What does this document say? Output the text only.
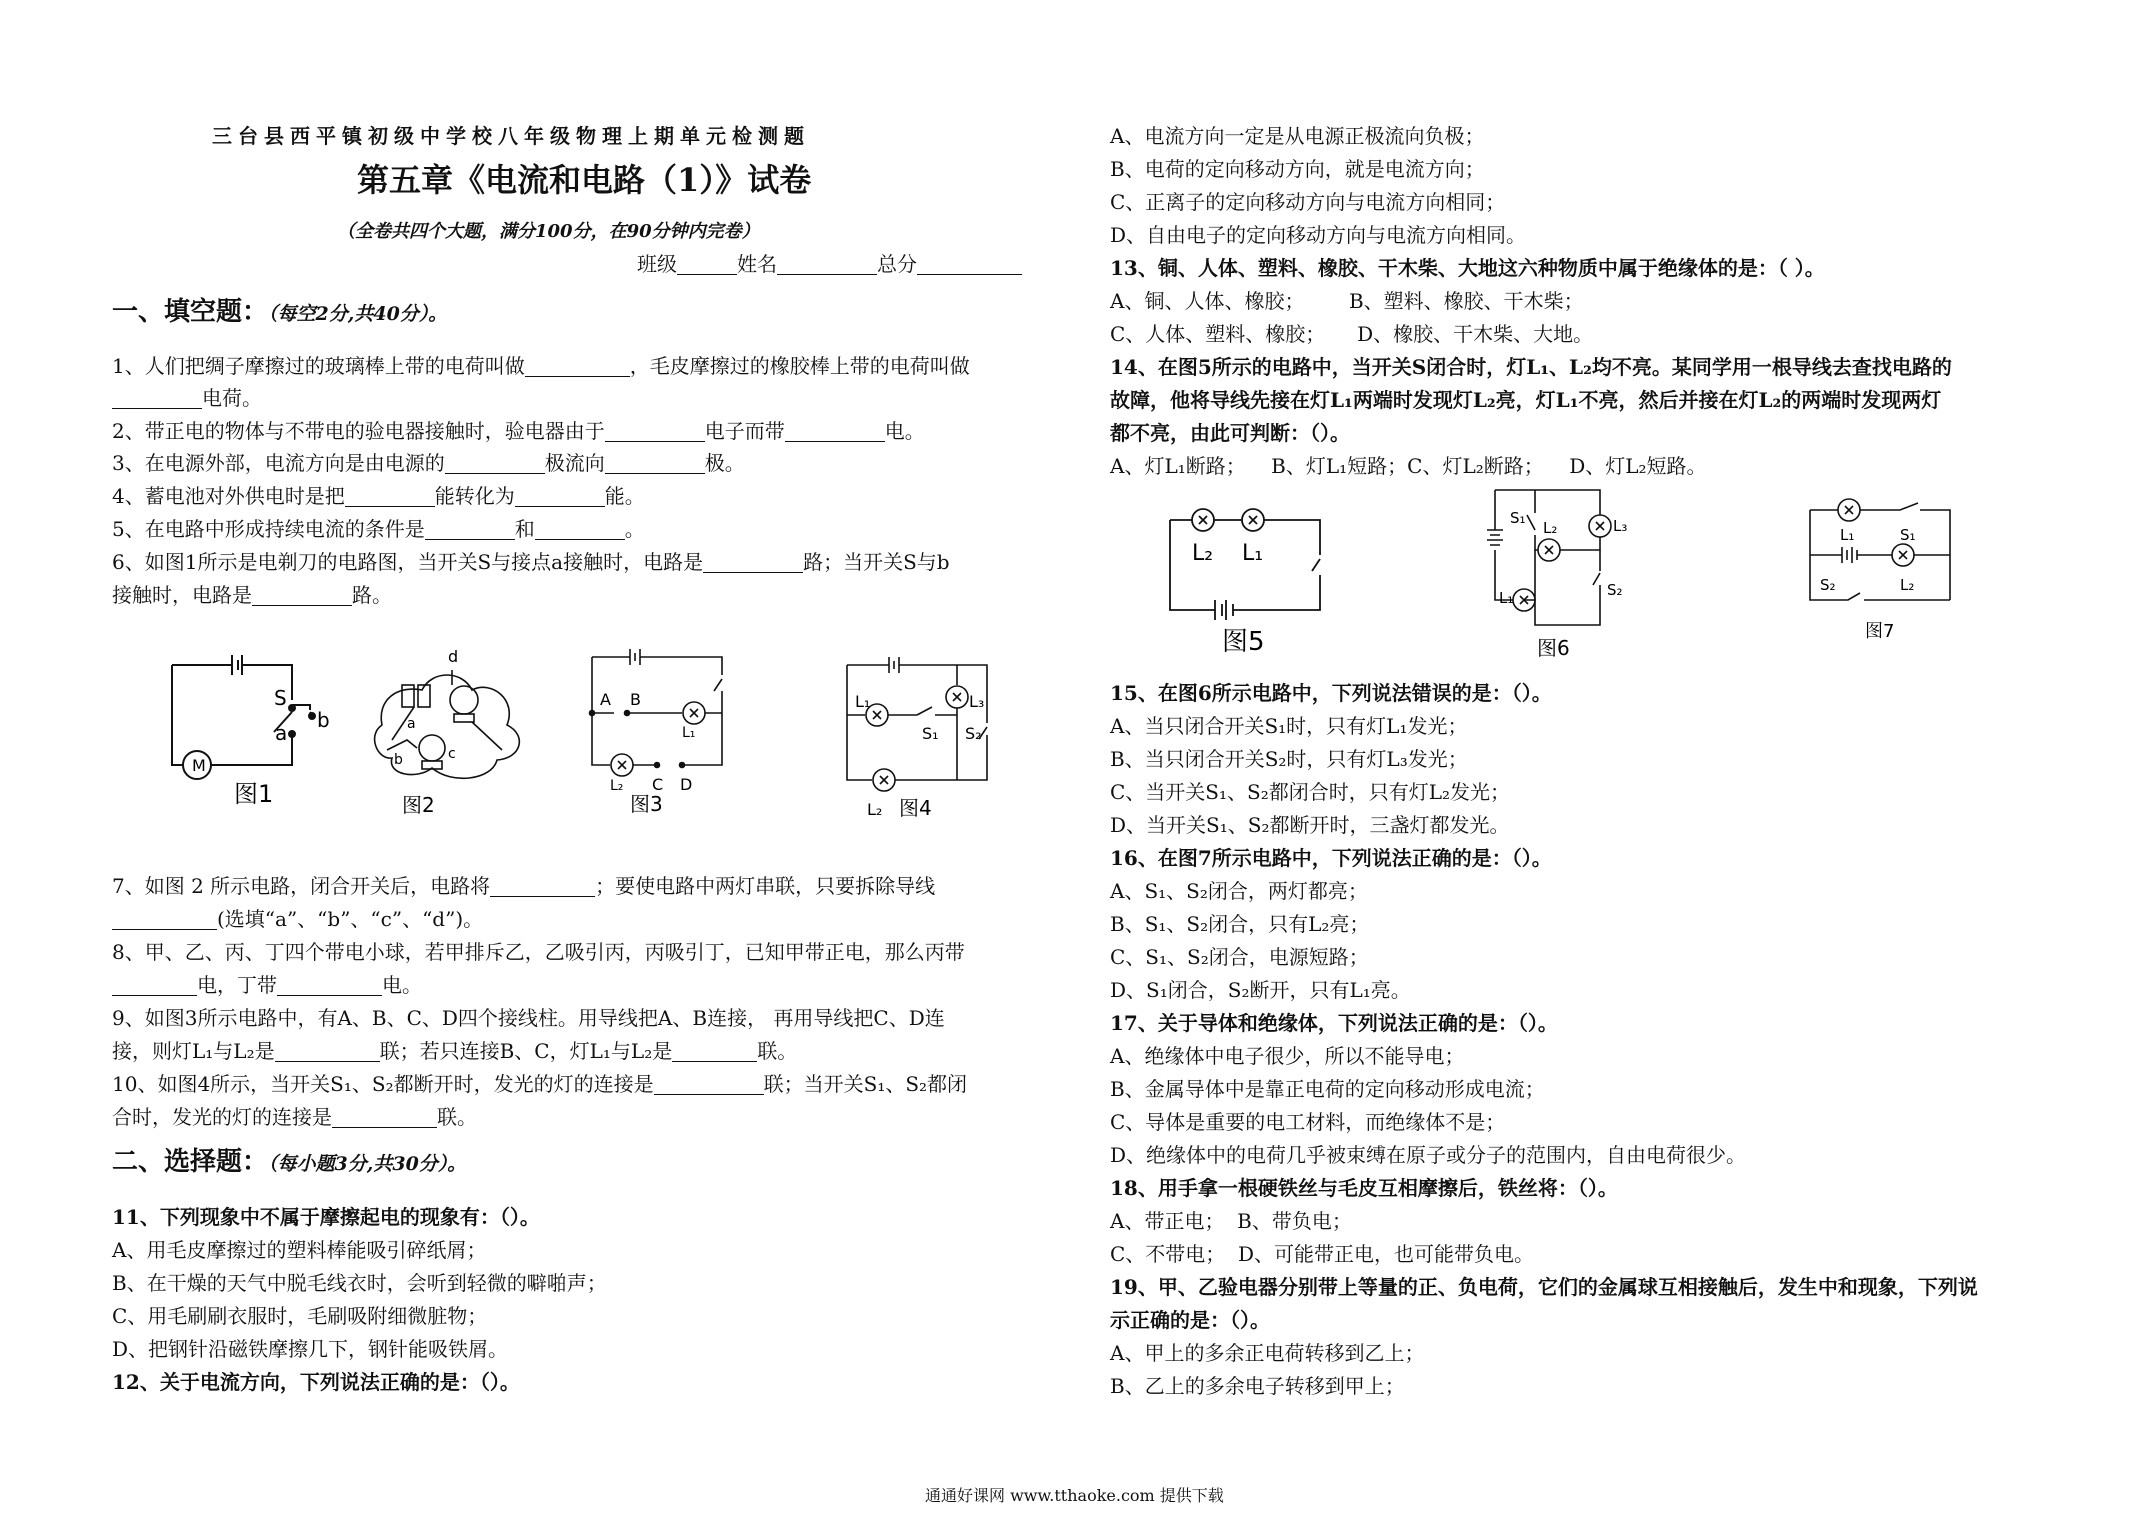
三台县西平镇初级中学校八年级物理上期单元检测题
第五章《电流和电路（1）》试卷
（全卷共四个大题，满分100分，在90分钟内完卷）
班级	姓名	总分
一、填空题：（每空2分,共40分）。
1、人们把绸子摩擦过的玻璃棒上带的电荷叫做	，毛皮摩擦过的橡胶棒上带的电荷叫做
电荷。
2、带正电的物体与不带电的验电器接触时，验电器由于	电子而带	电。
3、在电源外部，电流方向是由电源的	极流向	极。
4、蓄电池对外供电时是把	能转化为	能。
5、在电路中形成持续电流的条件是	和	。
6、如图1所示是电剃刀的电路图，当开关S与接点a接触时，电路是	路；当开关S与b
接触时，电路是	路。
M
S
a
b
图1
d
a
b	c
图2
A B
L₁
L₂ C D
图3
L₁	L₃
S₁ S₂
L₂ 图4
7、如图 2 所示电路，闭合开关后，电路将	；要使电路中两灯串联，只要拆除导线
(选填“a”、“b”、“c”、“d”)。
8、甲、乙、丙、丁四个带电小球，若甲排斥乙，乙吸引丙，丙吸引丁，已知甲带正电，那么丙带
电，丁带	电。
9、如图3所示电路中，有A、B、C、D四个接线柱。用导线把A、B连接， 再用导线把C、D连
接，则灯L₁与L₂是	联；若只连接B、C，灯L₁与L₂是	联。
10、如图4所示，当开关S₁、S₂都断开时，发光的灯的连接是	联；当开关S₁、S₂都闭
合时，发光的灯的连接是	联。
二、选择题：（每小题3分,共30分）。
11、下列现象中不属于摩擦起电的现象有：（）。
A、用毛皮摩擦过的塑料棒能吸引碎纸屑；
B、在干燥的天气中脱毛线衣时，会听到轻微的噼啪声；
C、用毛刷刷衣服时，毛刷吸附细微脏物；
D、把钢针沿磁铁摩擦几下，钢针能吸铁屑。
12、关于电流方向，下列说法正确的是：（）。
A、电流方向一定是从电源正极流向负极；
B、电荷的定向移动方向，就是电流方向；
C、正离子的定向移动方向与电流方向相同；
D、自由电子的定向移动方向与电流方向相同。
13、铜、人体、塑料、橡胶、干木柴、大地这六种物质中属于绝缘体的是：（ ）。
A、铜、人体、橡胶；       B、塑料、橡胶、干木柴；
C、人体、塑料、橡胶；     D、橡胶、干木柴、大地。
14、在图5所示的电路中，当开关S闭合时，灯L₁、L₂均不亮。某同学用一根导线去查找电路的
故障，他将导线先接在灯L₁两端时发现灯L₂亮，灯L₁不亮，然后并接在灯L₂的两端时发现两灯
都不亮，由此可判断：（）。
A、灯L₁断路；    B、灯L₁短路；C、灯L₂断路；    D、灯L₂短路。
L₂ L₁
图5
S₁
L₂	L₃
L₁	S₂
图6
L₁	S₁
S₂	L₂
图7
15、在图6所示电路中，下列说法错误的是：（）。
A、当只闭合开关S₁时，只有灯L₁发光；
B、当只闭合开关S₂时，只有灯L₃发光；
C、当开关S₁、S₂都闭合时，只有灯L₂发光；
D、当开关S₁、S₂都断开时，三盏灯都发光。
16、在图7所示电路中，下列说法正确的是：（）。
A、S₁、S₂闭合，两灯都亮；
B、S₁、S₂闭合，只有L₂亮；
C、S₁、S₂闭合，电源短路；
D、S₁闭合，S₂断开，只有L₁亮。
17、关于导体和绝缘体，下列说法正确的是：（）。
A、绝缘体中电子很少，所以不能导电；
B、金属导体中是靠正电荷的定向移动形成电流；
C、导体是重要的电工材料，而绝缘体不是；
D、绝缘体中的电荷几乎被束缚在原子或分子的范围内，自由电荷很少。
18、用手拿一根硬铁丝与毛皮互相摩擦后，铁丝将：（）。
A、带正电；  B、带负电；
C、不带电；  D、可能带正电，也可能带负电。
19、甲、乙验电器分别带上等量的正、负电荷，它们的金属球互相接触后，发生中和现象，下列说
示正确的是：（）。
A、甲上的多余正电荷转移到乙上；
B、乙上的多余电子转移到甲上；
通通好课网 www.tthaoke.com 提供下载
